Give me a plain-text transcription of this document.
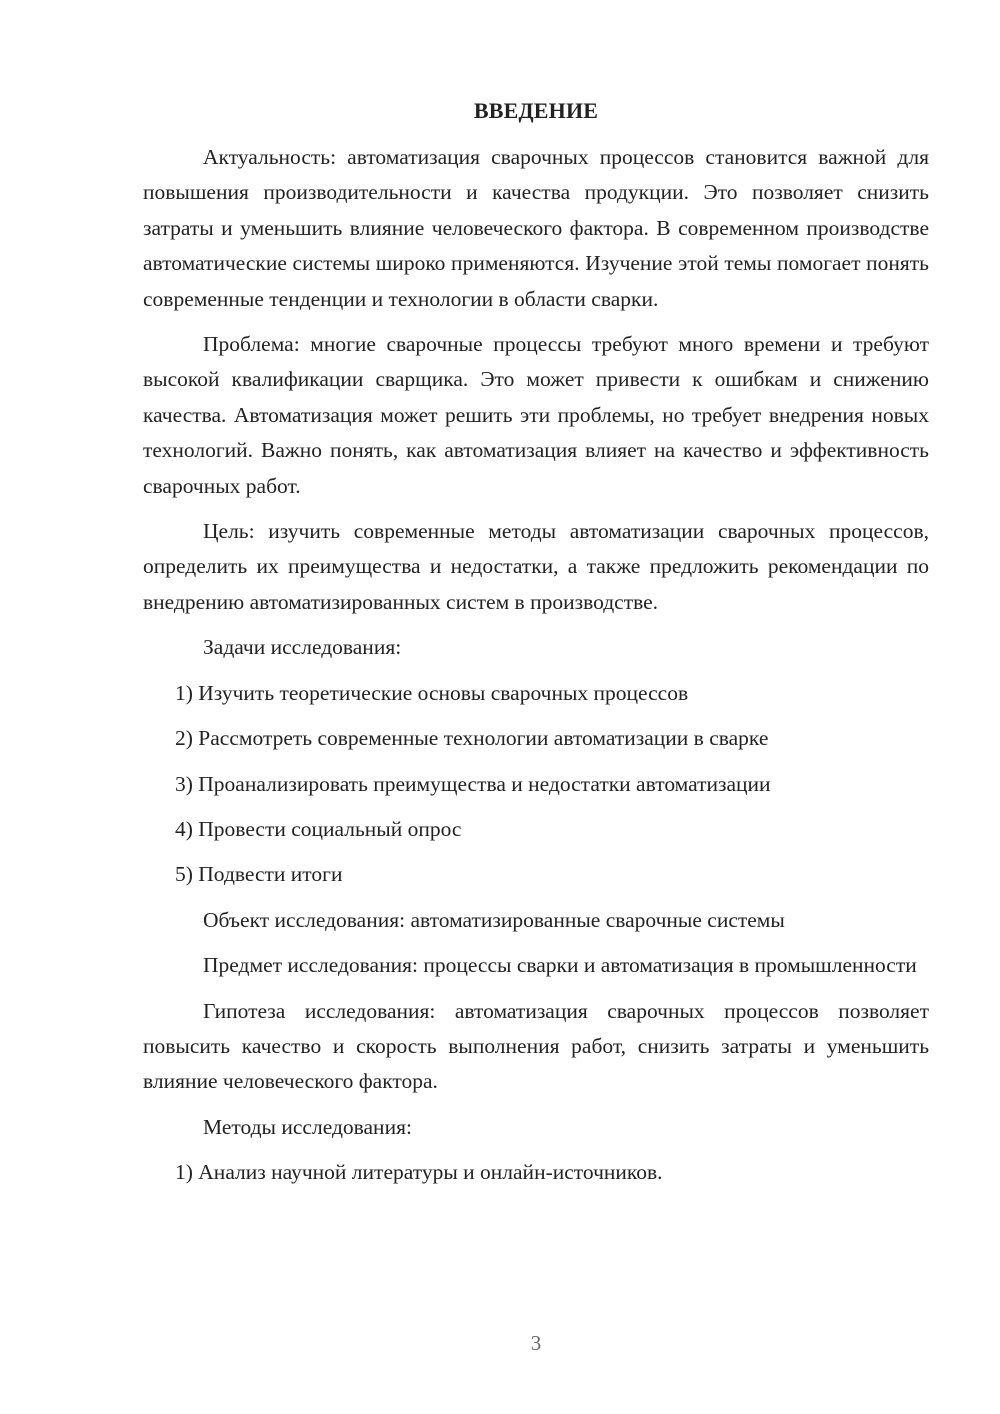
ВВЕДЕНИЕ

Актуальность: автоматизация сварочных процессов становится важной для повышения производительности и качества продукции. Это позволяет снизить затраты и уменьшить влияние человеческого фактора. В современном производстве автоматические системы широко применяются. Изучение этой темы помогает понять современные тенденции и технологии в области сварки.

Проблема: многие сварочные процессы требуют много времени и требуют высокой квалификации сварщика. Это может привести к ошибкам и снижению качества. Автоматизация может решить эти проблемы, но требует внедрения новых технологий. Важно понять, как автоматизация влияет на качество и эффективность сварочных работ.

Цель: изучить современные методы автоматизации сварочных процессов, определить их преимущества и недостатки, а также предложить рекомендации по внедрению автоматизированных систем в производстве.

Задачи исследования:

1) Изучить теоретические основы сварочных процессов

2) Рассмотреть современные технологии автоматизации в сварке

3) Проанализировать преимущества и недостатки автоматизации

4) Провести социальный опрос

5) Подвести итоги

Объект исследования: автоматизированные сварочные системы

Предмет исследования: процессы сварки и автоматизация в промышленности

Гипотеза исследования: автоматизация сварочных процессов позволяет повысить качество и скорость выполнения работ, снизить затраты и уменьшить влияние человеческого фактора.

Методы исследования:

1) Анализ научной литературы и онлайн-источников.

3
